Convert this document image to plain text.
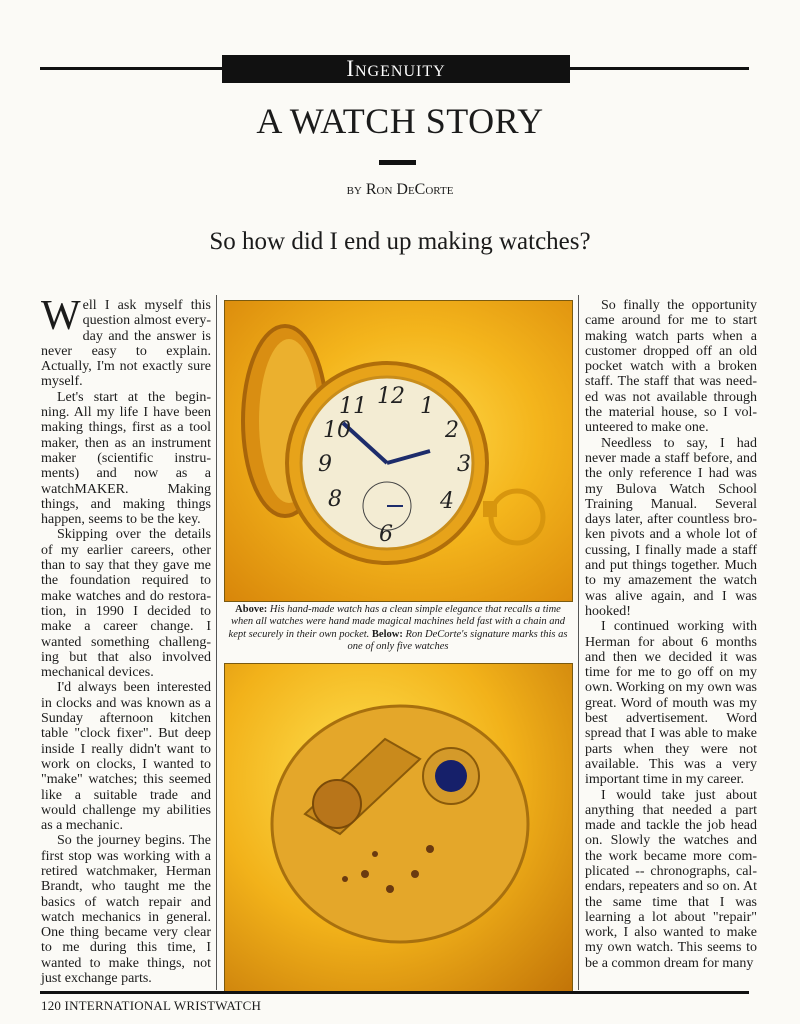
Ingenuity
A WATCH STORY
by Ron DeCorte
So how did I end up making watches?

Well I ask myself this question almost every-day and the answer is never easy to explain. Actually, I'm not exactly sure myself.

Let's start at the begin-ning. All my life I have been making things, first as a tool maker, then as an instrument maker (scientific instru-ments) and now as a watchMAKER. Making things, and making things happen, seems to be the key.

Skipping over the details of my earlier careers, other than to say that they gave me the foundation required to make watches and do restora-tion, in 1990 I decided to make a career change. I wanted something challeng-ing but that also involved mechanical devices.

I'd always been interested in clocks and was known as a Sunday afternoon kitchen table "clock fixer". But deep inside I really didn't want to work on clocks, I wanted to "make" watches; this seemed like a suitable trade and would challenge my abilities as a mechanic.

So the journey begins. The first stop was working with a retired watchmaker, Herman Brandt, who taught me the basics of watch repair and watch mechanics in general. One thing became very clear to me during this time, I wanted to make things, not just exchange parts.

12
3
9
6
11 1
2
10
4
8
Above: His hand-made watch has a clean simple elegance that recalls a time when all watches were hand made magical machines held fast with a chain and kept securely in their own pocket. Below: Ron DeCorte's signature marks this as one of only five watches

So finally the opportunity came around for me to start making watch parts when a customer dropped off an old pocket watch with a broken staff. The staff that was need-ed was not available through the material house, so I vol-unteered to make one.

Needless to say, I had never made a staff before, and the only reference I had was my Bulova Watch School Training Manual. Several days later, after countless bro-ken pivots and a whole lot of cussing, I finally made a staff and put things together. Much to my amazement the watch was alive again, and I was hooked!

I continued working with Herman for about 6 months and then we decided it was time for me to go off on my own. Working on my own was great. Word of mouth was my best advertisement. Word spread that I was able to make parts when they were not available. This was a very important time in my career.

I would take just about anything that needed a part made and tackle the job head on. Slowly the watches and the work became more com-plicated -- chronographs, cal-endars, repeaters and so on. At the same time that I was learning a lot about "repair" work, I also wanted to make my own watch. This seems to be a common dream for many

120 INTERNATIONAL WRISTWATCH
